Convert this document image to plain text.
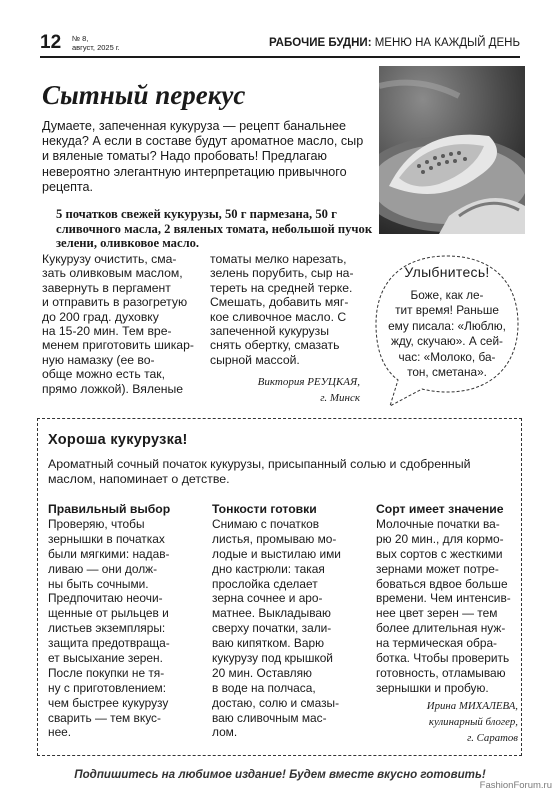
12 № 8,
август, 2025 г.	РАБОЧИЕ БУДНИ: МЕНЮ НА КАЖДЫЙ ДЕНЬ
Сытный перекус
Думаете, запеченная кукуруза — рецепт банальнее некуда? А если в составе будут ароматное масло, сыр и вяленые томаты? Надо пробовать! Предлагаю невероятно элегантную интерпретацию привычного рецепта.
5 початков свежей кукурузы, 50 г пармезана, 50 г сливочного масла, 2 вяленых томата, небольшой пучок зелени, оливковое масло.
Кукурузу очистить, сма-
зать оливковым маслом,
завернуть в пергамент
и отправить в разогретую
до 200 град. духовку
на 15-20 мин. Тем вре-
менем приготовить шикар-
ную намазку (ее во-
обще можно есть так,
прямо ложкой). Вяленые
томаты мелко нарезать,
зелень порубить, сыр на-
тереть на средней терке.
Смешать, добавить мяг-
кое сливочное масло. С
запеченной кукурузы
снять обертку, смазать
сырной массой.
Виктория РЕУЦКАЯ,
г. Минск
Улыбнитесь!
Боже, как ле-
тит время! Раньше
ему писала: «Люблю,
жду, скучаю». А сей-
час: «Молоко, ба-
тон, сметана».
Хороша кукурузка!
Ароматный сочный початок кукурузы, присыпанный солью и сдобренный маслом, напоминает о детстве.
Правильный выбор	Тонкости готовки	Сорт имеет значение
Проверяю, чтобы
зернышки в початках
были мягкими: надав-
ливаю — они долж-
ны быть сочными.
Предпочитаю неочи-
щенные от рыльцев и
листьев экземпляры:
защита предотвраща-
ет высыхание зерен.
После покупки не тя-
ну с приготовлением:
чем быстрее кукурузу
сварить — тем вкус-
нее.
Снимаю с початков
листья, промываю мо-
лодые и выстилаю ими
дно кастрюли: такая
прослойка сделает
зерна сочнее и аро-
матнее. Выкладываю
сверху початки, зали-
ваю кипятком. Варю
кукурузу под крышкой
20 мин. Оставляю
в воде на полчаса,
достаю, солю и смазы-
ваю сливочным мас-
лом.
Молочные початки ва-
рю 20 мин., для кормо-
вых сортов с жесткими
зернами может потре-
боваться вдвое больше
времени. Чем интенсив-
нее цвет зерен — тем
более длительная нуж-
на термическая обра-
ботка. Чтобы проверить
готовность, отламываю
зернышки и пробую.
Ирина МИХАЛЕВА,
кулинарный блогер,
г. Саратов
Подпишитесь на любимое издание! Будем вместе вкусно готовить!
FashionForum.ru
